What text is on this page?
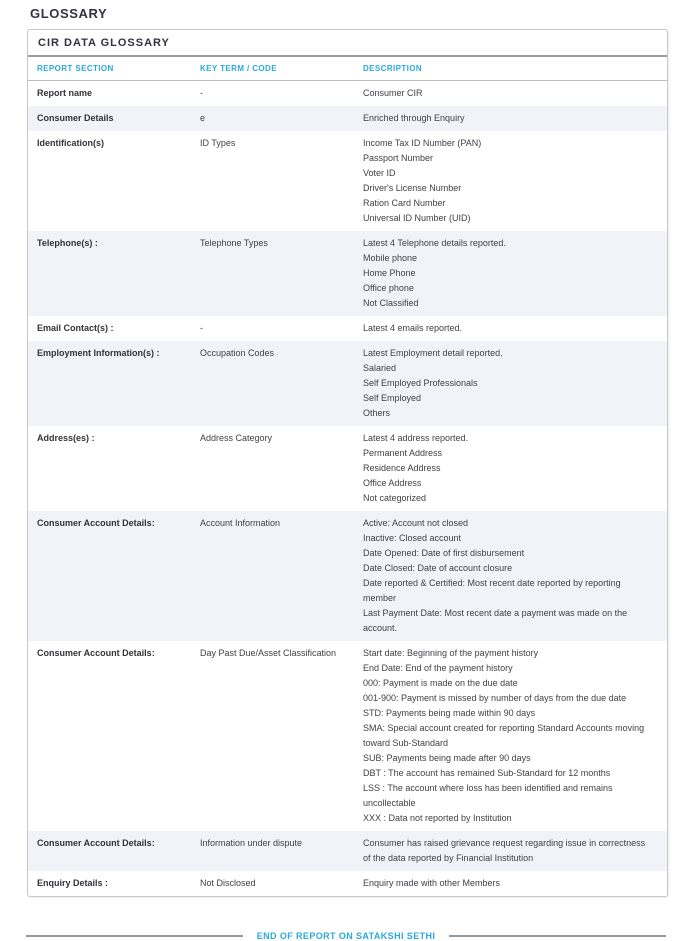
GLOSSARY
CIR DATA GLOSSARY
REPORT SECTION	KEY TERM / CODE	DESCRIPTION
Report name	-	Consumer CIR
Consumer Details	e	Enriched through Enquiry
Identification(s)	ID Types	Income Tax ID Number (PAN)
Passport Number
Voter ID
Driver's License Number
Ration Card Number
Universal ID Number (UID)
Telephone(s) :	Telephone Types	Latest 4 Telephone details reported.
Mobile phone
Home Phone
Office phone
Not Classified
Email Contact(s) :	-	Latest 4 emails reported.
Employment Information(s) :	Occupation Codes	Latest Employment detail reported.
Salaried
Self Employed Professionals
Self Employed
Others
Address(es) :	Address Category	Latest 4 address reported.
Permanent Address
Residence Address
Office Address
Not categorized
Consumer Account Details:	Account Information	Active: Account not closed
Inactive: Closed account
Date Opened: Date of first disbursement
Date Closed: Date of account closure
Date reported & Certified: Most recent date reported by reporting member
Last Payment Date: Most recent date a payment was made on the account.
Consumer Account Details:	Day Past Due/Asset Classification	Start date: Beginning of the payment history
End Date: End of the payment history
000: Payment is made on the due date
001-900: Payment is missed by number of days from the due date
STD: Payments being made within 90 days
SMA: Special account created for reporting Standard Accounts moving toward Sub-Standard
SUB: Payments being made after 90 days
DBT : The account has remained Sub-Standard for 12 months
LSS : The account where loss has been identified and remains uncollectable
XXX : Data not reported by Institution
Consumer Account Details:	Information under dispute	Consumer has raised grievance request regarding issue in correctness of the data reported by Financial Institution
Enquiry Details :	Not Disclosed	Enquiry made with other Members
END OF REPORT ON SATAKSHI SETHI
